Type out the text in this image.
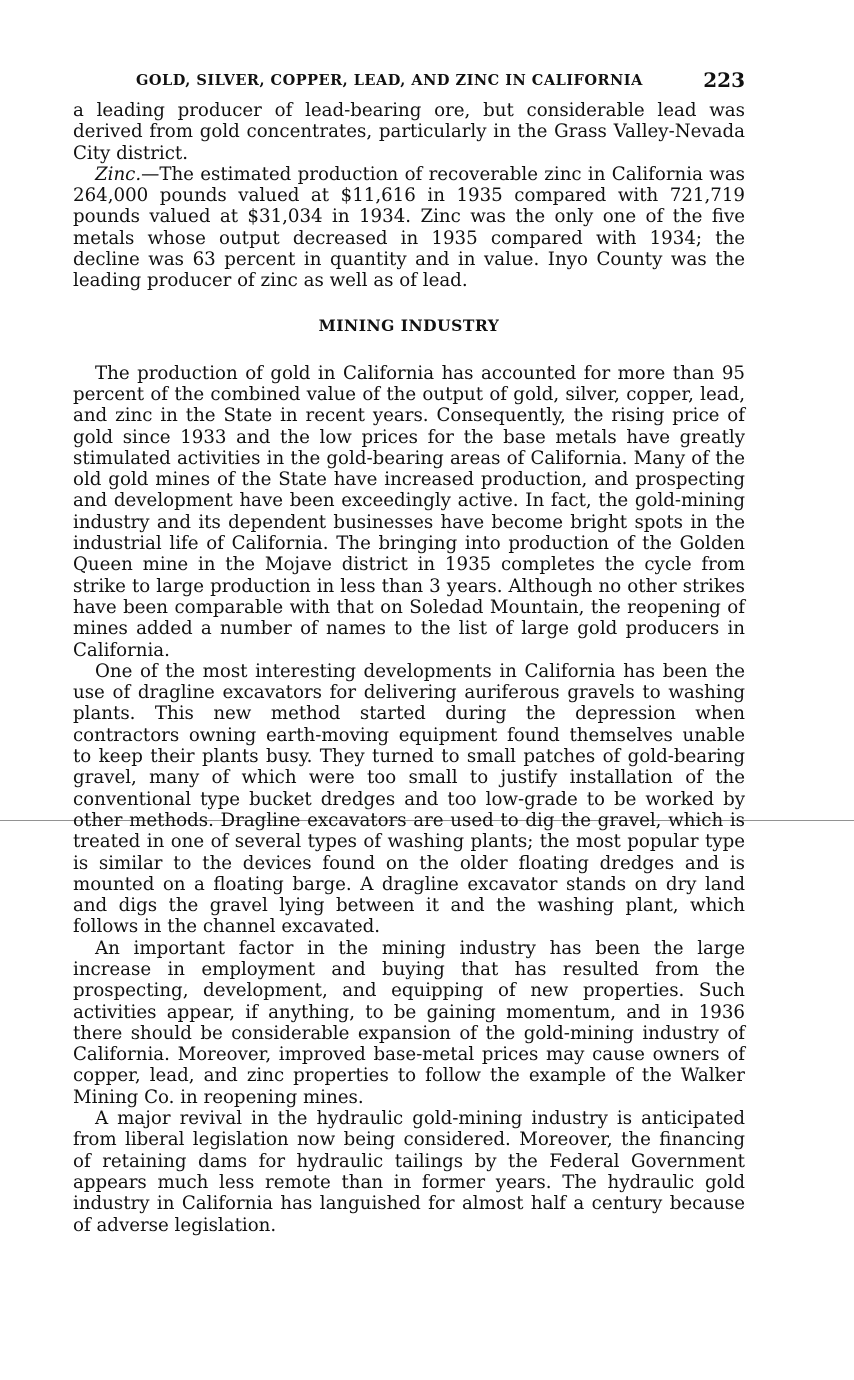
GOLD, SILVER, COPPER, LEAD, AND ZINC IN CALIFORNIA	223

a leading producer of lead-bearing ore, but considerable lead was derived from gold concentrates, particularly in the Grass Valley-Nevada City district.

Zinc.—The estimated production of recoverable zinc in California was 264,000 pounds valued at $11,616 in 1935 compared with 721,719 pounds valued at $31,034 in 1934. Zinc was the only one of the five metals whose output decreased in 1935 compared with 1934; the decline was 63 percent in quantity and in value. Inyo County was the leading producer of zinc as well as of lead.

MINING INDUSTRY

The production of gold in California has accounted for more than 95 percent of the combined value of the output of gold, silver, copper, lead, and zinc in the State in recent years. Consequently, the rising price of gold since 1933 and the low prices for the base metals have greatly stimulated activities in the gold-bearing areas of California. Many of the old gold mines of the State have increased production, and prospecting and development have been exceedingly active. In fact, the gold-mining industry and its dependent businesses have become bright spots in the industrial life of California. The bringing into production of the Golden Queen mine in the Mojave district in 1935 completes the cycle from strike to large production in less than 3 years. Although no other strikes have been comparable with that on Soledad Mountain, the reopening of mines added a number of names to the list of large gold producers in California.

One of the most interesting developments in California has been the use of dragline excavators for delivering auriferous gravels to washing plants. This new method started during the depression when contractors owning earth-moving equipment found themselves unable to keep their plants busy. They turned to small patches of gold-bearing gravel, many of which were too small to justify installation of the conventional type bucket dredges and too low-grade to be worked by other methods. Dragline excavators are used to dig the gravel, which is treated in one of several types of washing plants; the most popular type is similar to the devices found on the older floating dredges and is mounted on a floating barge. A dragline excavator stands on dry land and digs the gravel lying between it and the washing plant, which follows in the channel excavated.

An important factor in the mining industry has been the large increase in employment and buying that has resulted from the prospecting, development, and equipping of new properties. Such activities appear, if anything, to be gaining momentum, and in 1936 there should be considerable expansion of the gold-mining industry of California. Moreover, improved base-metal prices may cause owners of copper, lead, and zinc properties to follow the example of the Walker Mining Co. in reopening mines.

A major revival in the hydraulic gold-mining industry is anticipated from liberal legislation now being considered. Moreover, the financing of retaining dams for hydraulic tailings by the Federal Government appears much less remote than in former years. The hydraulic gold industry in California has languished for almost half a century because of adverse legislation.
